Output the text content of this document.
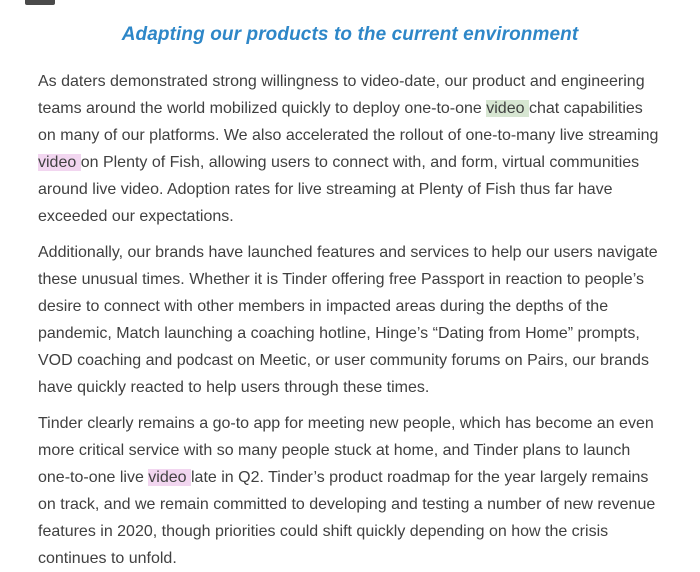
Adapting our products to the current environment

As daters demonstrated strong willingness to video-date, our product and engineering teams around the world mobilized quickly to deploy one-to-one video chat capabilities on many of our platforms. We also accelerated the rollout of one-to-many live streaming video on Plenty of Fish, allowing users to connect with, and form, virtual communities around live video. Adoption rates for live streaming at Plenty of Fish thus far have exceeded our expectations.

Additionally, our brands have launched features and services to help our users navigate these unusual times. Whether it is Tinder offering free Passport in reaction to people’s desire to connect with other members in impacted areas during the depths of the pandemic, Match launching a coaching hotline, Hinge’s “Dating from Home” prompts, VOD coaching and podcast on Meetic, or user community forums on Pairs, our brands have quickly reacted to help users through these times.

Tinder clearly remains a go-to app for meeting new people, which has become an even more critical service with so many people stuck at home, and Tinder plans to launch one-to-one live video late in Q2. Tinder’s product roadmap for the year largely remains on track, and we remain committed to developing and testing a number of new revenue features in 2020, though priorities could shift quickly depending on how the crisis continues to unfold.
